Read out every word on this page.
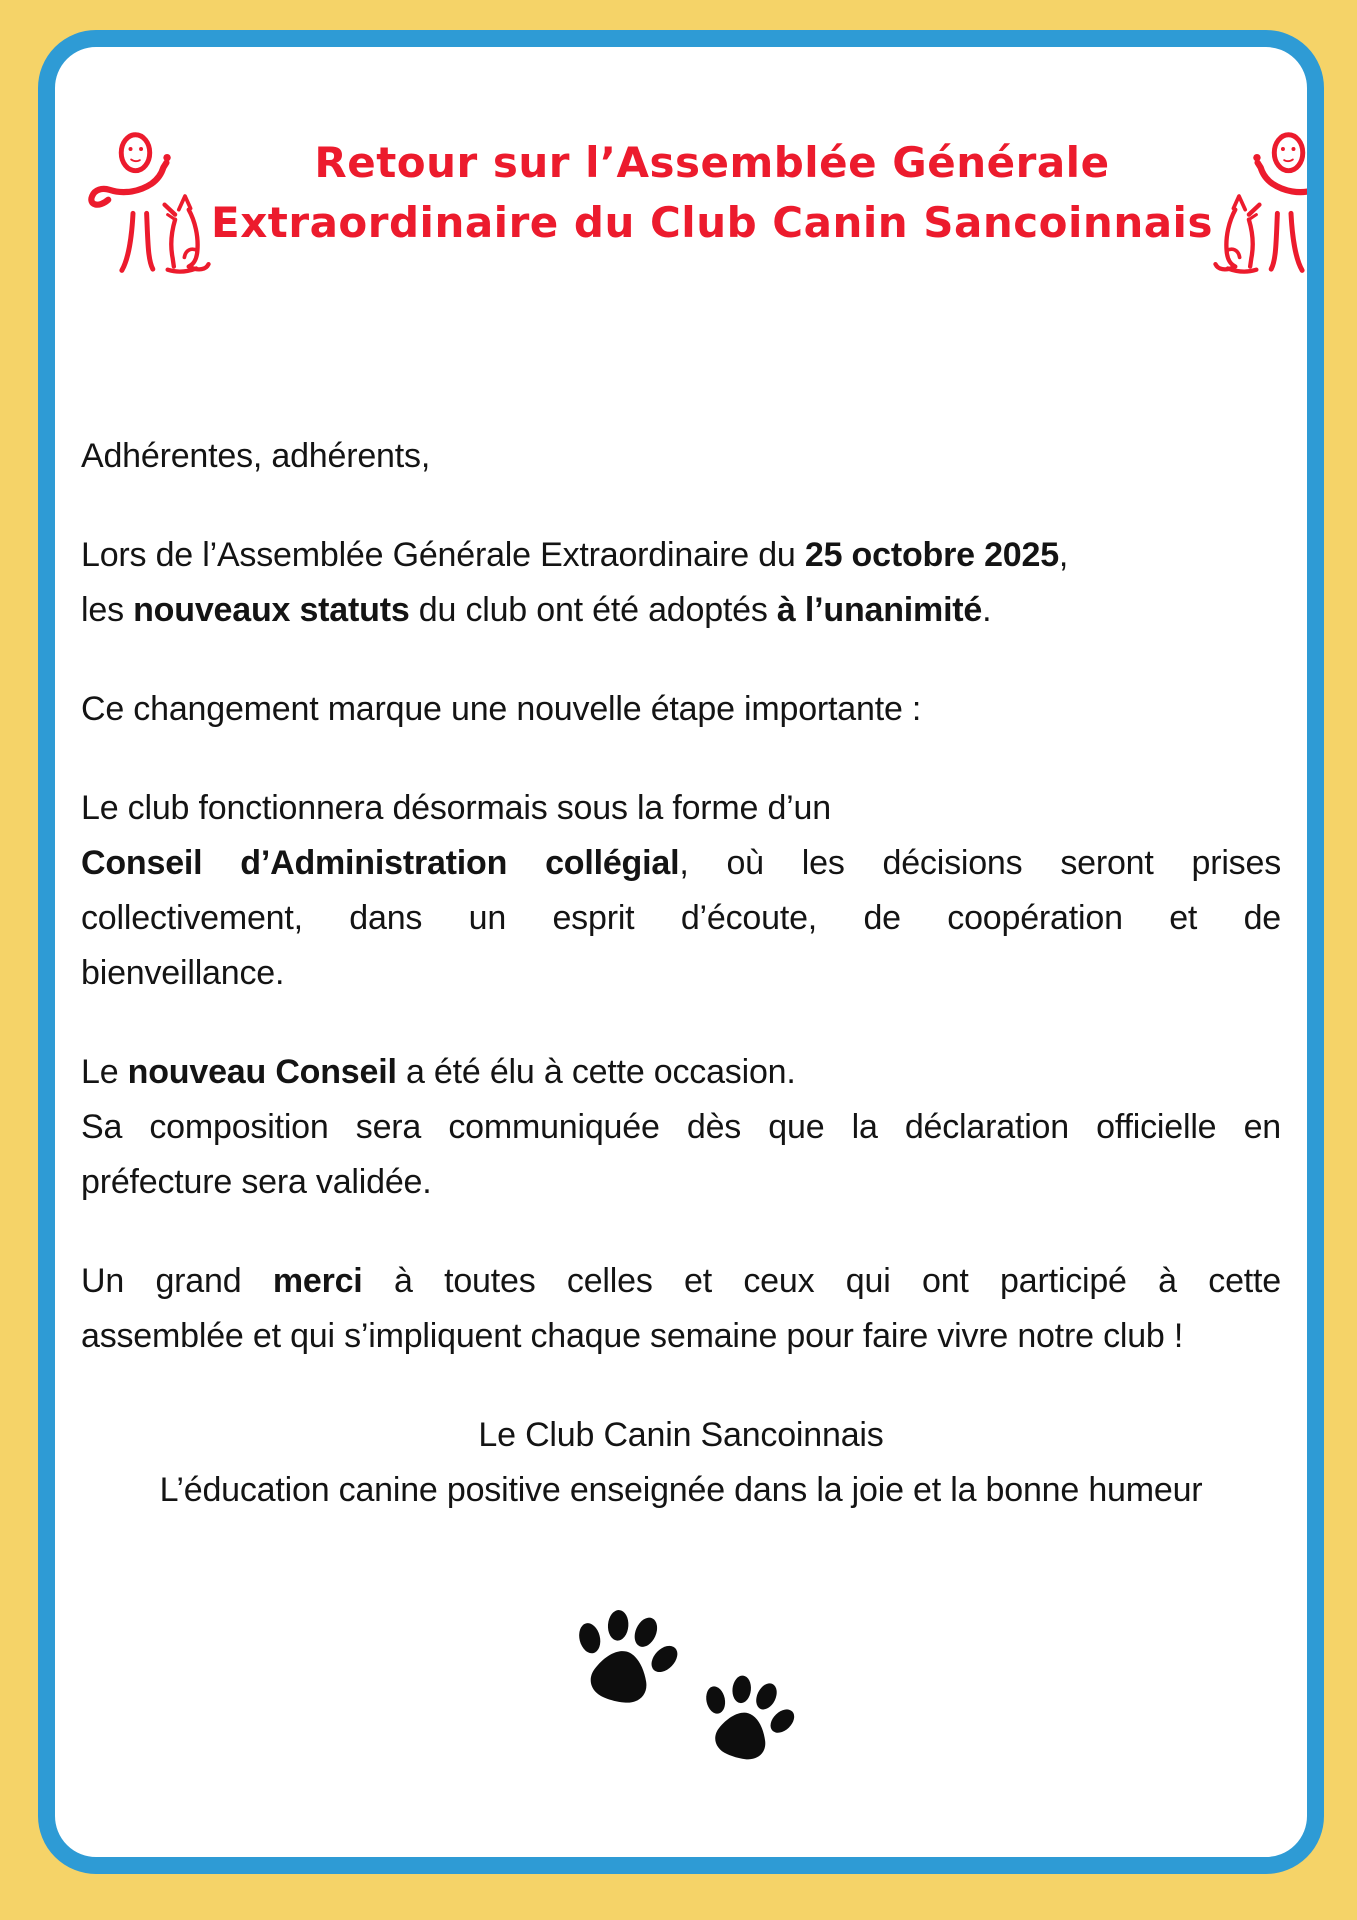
Retour sur l’Assemblée Générale
Extraordinaire du Club Canin Sancoinnais
Adhérentes, adhérents,
Lors de l’Assemblée Générale Extraordinaire du 25 octobre 2025,
les nouveaux statuts du club ont été adoptés à l’unanimité.
Ce changement marque une nouvelle étape importante :
Le club fonctionnera désormais sous la forme d’un
Conseil d’Administration collégial, où les décisions seront prises
collectivement, dans un esprit d’écoute, de coopération et de
bienveillance.
Le nouveau Conseil a été élu à cette occasion.
Sa composition sera communiquée dès que la déclaration officielle en
préfecture sera validée.
Un grand merci à toutes celles et ceux qui ont participé à cette
assemblée et qui s’impliquent chaque semaine pour faire vivre notre club !
Le Club Canin Sancoinnais
L’éducation canine positive enseignée dans la joie et la bonne humeur
